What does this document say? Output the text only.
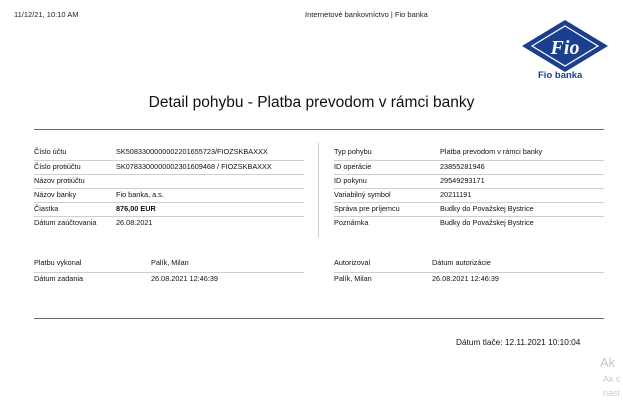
11/12/21, 10:10 AM	Internetové bankovníctvo | Fio banka
Fio
Fio banka
Detail pohybu - Platba prevodom v rámci banky
Číslo účtu	SK5083300000002201655723/FIOZSKBAXXX
Číslo protiúčtu	SK0783300000002301609468 / FIOZSKBAXXX
Názov protiúčtu
Názov banky	Fio banka, a.s.
Čiastka	876,00 EUR
Dátum zaúčtovania	26.08.2021
Typ pohybu	Platba prevodom v rámci banky
ID operácie	23855281946
ID pokynu	29549293171
Variabilný symbol	20211191
Správa pre príjemcu	Budky do Považskej Bystrice
Poznámka	Budky do Považskej Bystrice
Platbu vykonal	Palík, Milan
Dátum zadania	26.08.2021 12:46:39
Autorizoval	Dátum autorizácie
Palík, Milan	26.08.2021 12:46:39
Dátum tlače: 12.11.2021 10:10:04
Ak
Ak c
nast
